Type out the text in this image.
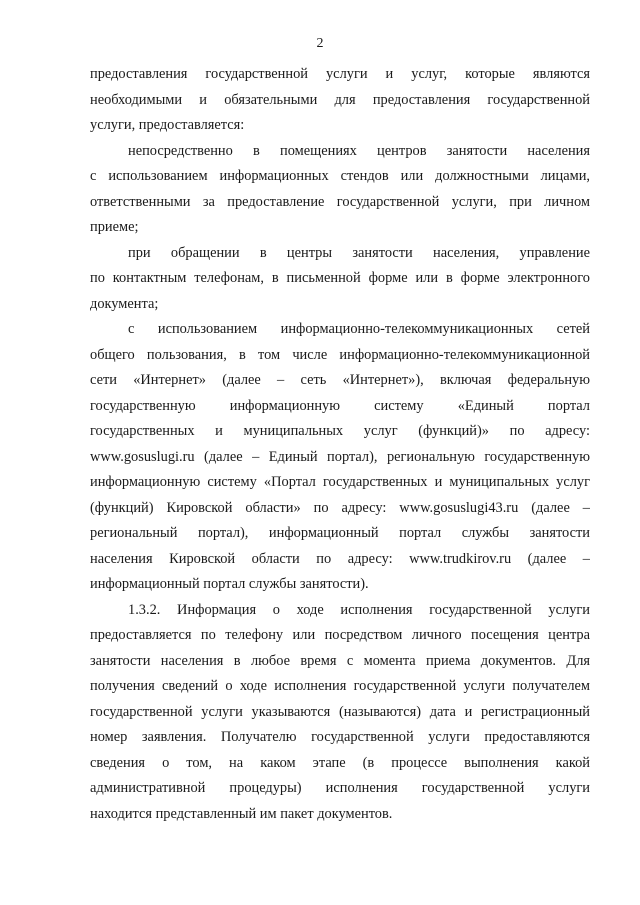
2
предоставления государственной услуги и услуг, которые являются
необходимыми и обязательными для предоставления государственной
услуги, предоставляется:
непосредственно в помещениях центров занятости населения
с использованием информационных стендов или должностными лицами,
ответственными за предоставление государственной услуги, при личном
приеме;
при обращении в центры занятости населения, управление
по контактным телефонам, в письменной форме или в форме электронного
документа;
с использованием информационно-телекоммуникационных сетей
общего пользования, в том числе информационно-телекоммуникационной
сети «Интернет» (далее – сеть «Интернет»), включая федеральную
государственную информационную систему «Единый портал
государственных и муниципальных услуг (функций)» по адресу:
www.gosuslugi.ru (далее – Единый портал), региональную государственную
информационную систему «Портал государственных и муниципальных услуг
(функций) Кировской области» по адресу: www.gosuslugi43.ru (далее –
региональный портал), информационный портал службы занятости
населения Кировской области по адресу: www.trudkirov.ru (далее –
информационный портал службы занятости).
1.3.2. Информация о ходе исполнения государственной услуги
предоставляется по телефону или посредством личного посещения центра
занятости населения в любое время с момента приема документов. Для
получения сведений о ходе исполнения государственной услуги получателем
государственной услуги указываются (называются) дата и регистрационный
номер заявления. Получателю государственной услуги предоставляются
сведения о том, на каком этапе (в процессе выполнения какой
административной процедуры) исполнения государственной услуги
находится представленный им пакет документов.
